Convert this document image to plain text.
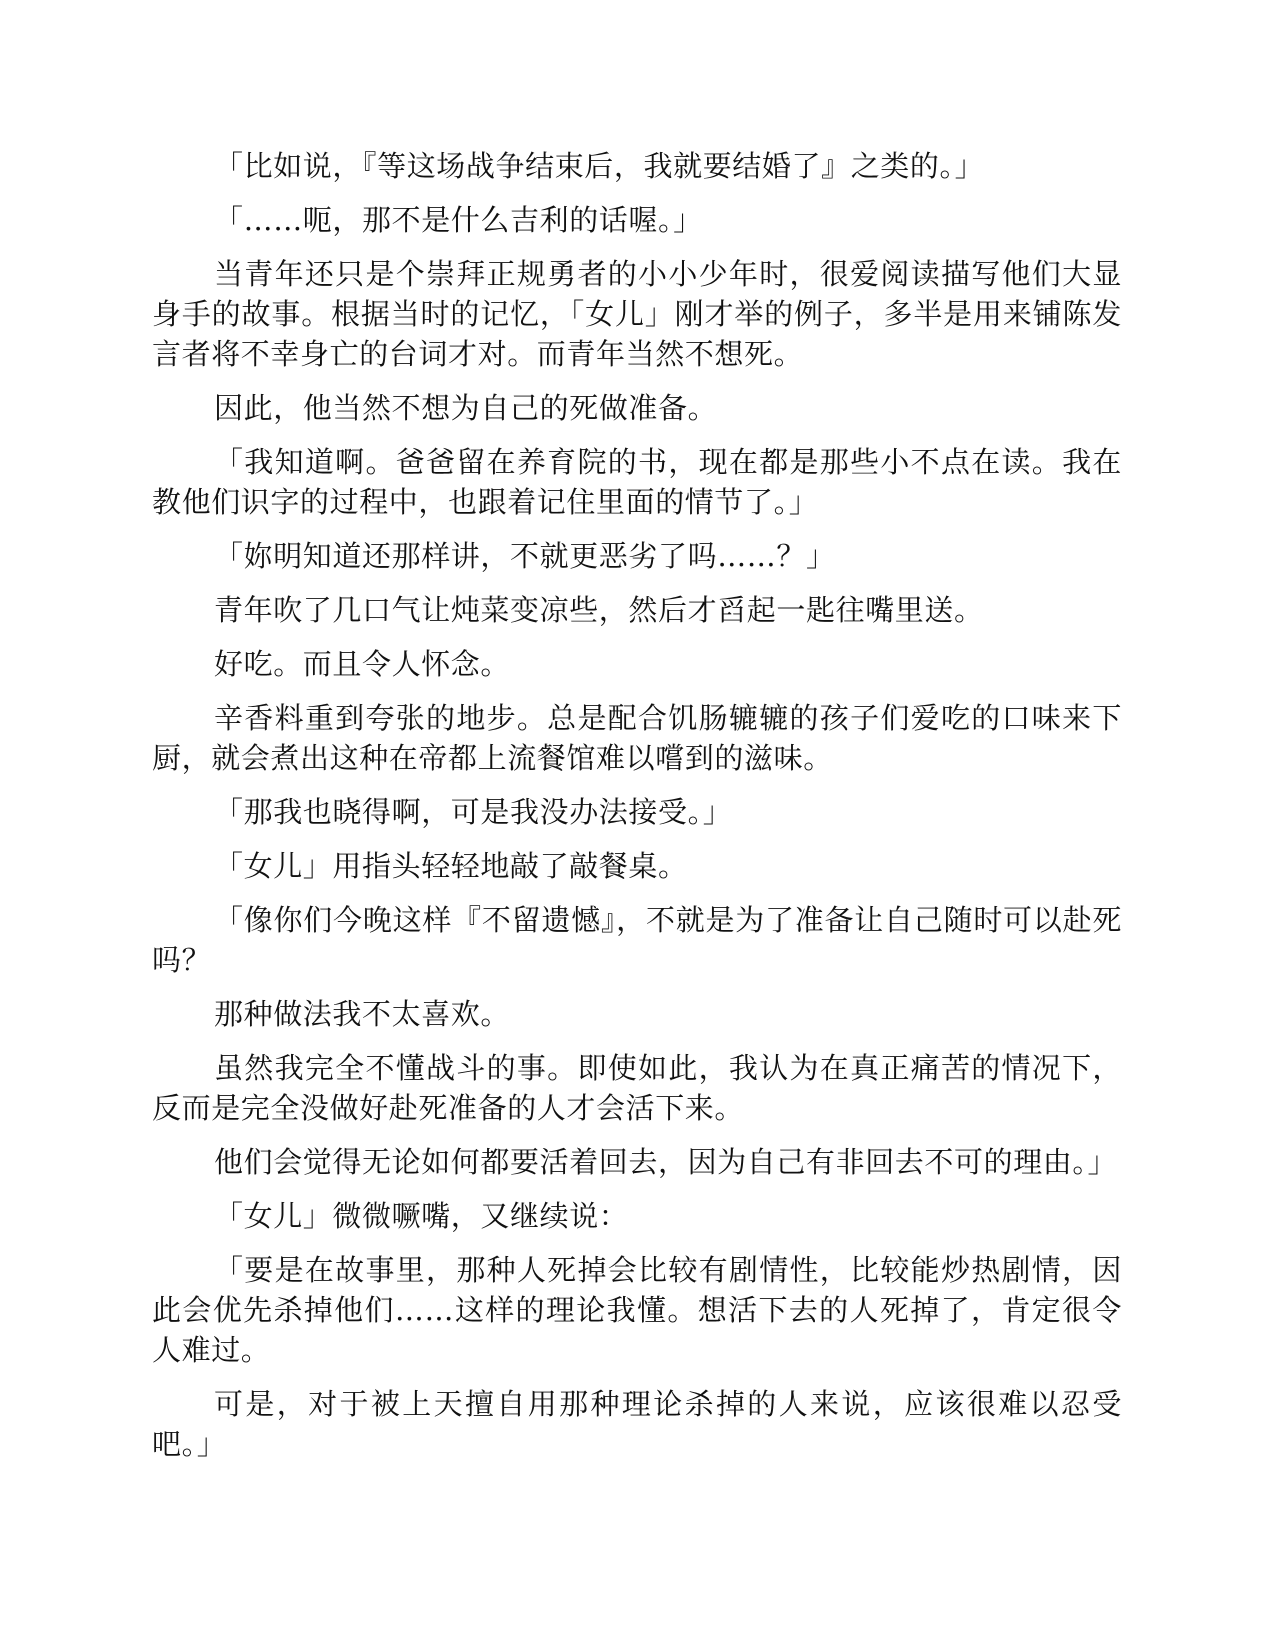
「比如说，『等这场战争结束后，我就要结婚了』之类的。」

「……呃，那不是什么吉利的话喔。」

当青年还只是个崇拜正规勇者的小小少年时，很爱阅读描写他们大显身手的故事。根据当时的记忆，「女儿」刚才举的例子，多半是用来铺陈发言者将不幸身亡的台词才对。而青年当然不想死。

因此，他当然不想为自己的死做准备。

「我知道啊。爸爸留在养育院的书，现在都是那些小不点在读。我在教他们识字的过程中，也跟着记住里面的情节了。」

「妳明知道还那样讲，不就更恶劣了吗……？」

青年吹了几口气让炖菜变凉些，然后才舀起一匙往嘴里送。

好吃。而且令人怀念。

辛香料重到夸张的地步。总是配合饥肠辘辘的孩子们爱吃的口味来下厨，就会煮出这种在帝都上流餐馆难以嚐到的滋味。

「那我也晓得啊，可是我没办法接受。」

「女儿」用指头轻轻地敲了敲餐桌。

「像你们今晚这样『不留遗憾』，不就是为了准备让自己随时可以赴死吗？

那种做法我不太喜欢。

虽然我完全不懂战斗的事。即使如此，我认为在真正痛苦的情况下，反而是完全没做好赴死准备的人才会活下来。

他们会觉得无论如何都要活着回去，因为自己有非回去不可的理由。」

「女儿」微微噘嘴，又继续说：

「要是在故事里，那种人死掉会比较有剧情性，比较能炒热剧情，因此会优先杀掉他们……这样的理论我懂。想活下去的人死掉了，肯定很令人难过。

可是，对于被上天擅自用那种理论杀掉的人来说，应该很难以忍受吧。」
